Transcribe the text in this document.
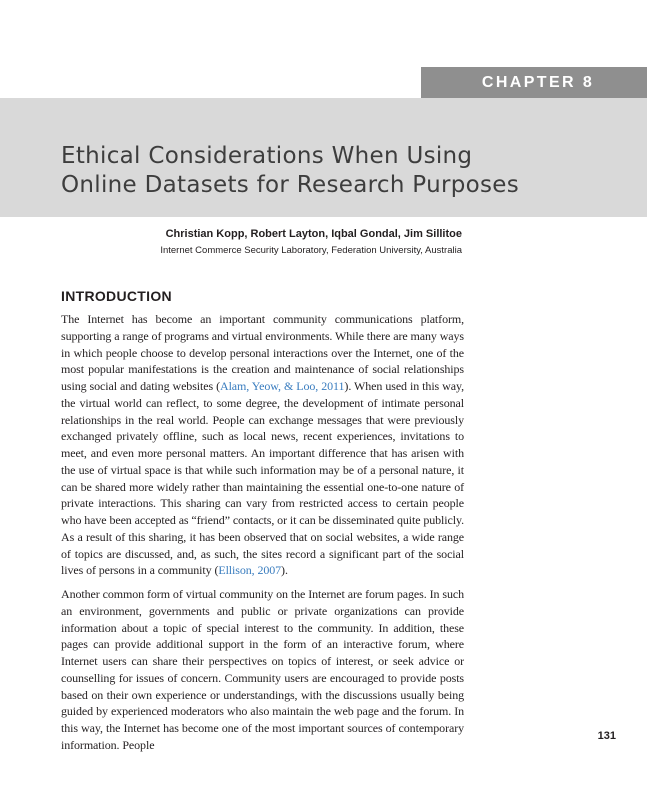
CHAPTER 8
Ethical Considerations When Using
Online Datasets for Research Purposes

Christian Kopp, Robert Layton, Iqbal Gondal, Jim Sillitoe

Internet Commerce Security Laboratory, Federation University, Australia

INTRODUCTION

The Internet has become an important community communications platform, supporting a range of programs and virtual environments. While there are many ways in which people choose to develop personal interactions over the Internet, one of the most popular manifestations is the creation and maintenance of social relationships using social and dating websites (Alam, Yeow, & Loo, 2011). When used in this way, the virtual world can reflect, to some degree, the development of intimate personal relationships in the real world. People can exchange messages that were previously exchanged privately offline, such as local news, recent experiences, invitations to meet, and even more personal matters. An important difference that has arisen with the use of virtual space is that while such information may be of a personal nature, it can be shared more widely rather than maintaining the essential one-to-one nature of private interactions. This sharing can vary from restricted access to certain people who have been accepted as “friend” contacts, or it can be disseminated quite publicly. As a result of this sharing, it has been observed that on social websites, a wide range of topics are discussed, and, as such, the sites record a significant part of the social lives of persons in a community (Ellison, 2007).

Another common form of virtual community on the Internet are forum pages. In such an environment, governments and public or private organizations can provide information about a topic of special interest to the community. In addition, these pages can provide additional support in the form of an interactive forum, where Internet users can share their perspectives on topics of interest, or seek advice or counselling for issues of concern. Community users are encouraged to provide posts based on their own experience or understandings, with the discussions usually being guided by experienced moderators who also maintain the web page and the forum. In this way, the Internet has become one of the most important sources of contemporary information. People

131
